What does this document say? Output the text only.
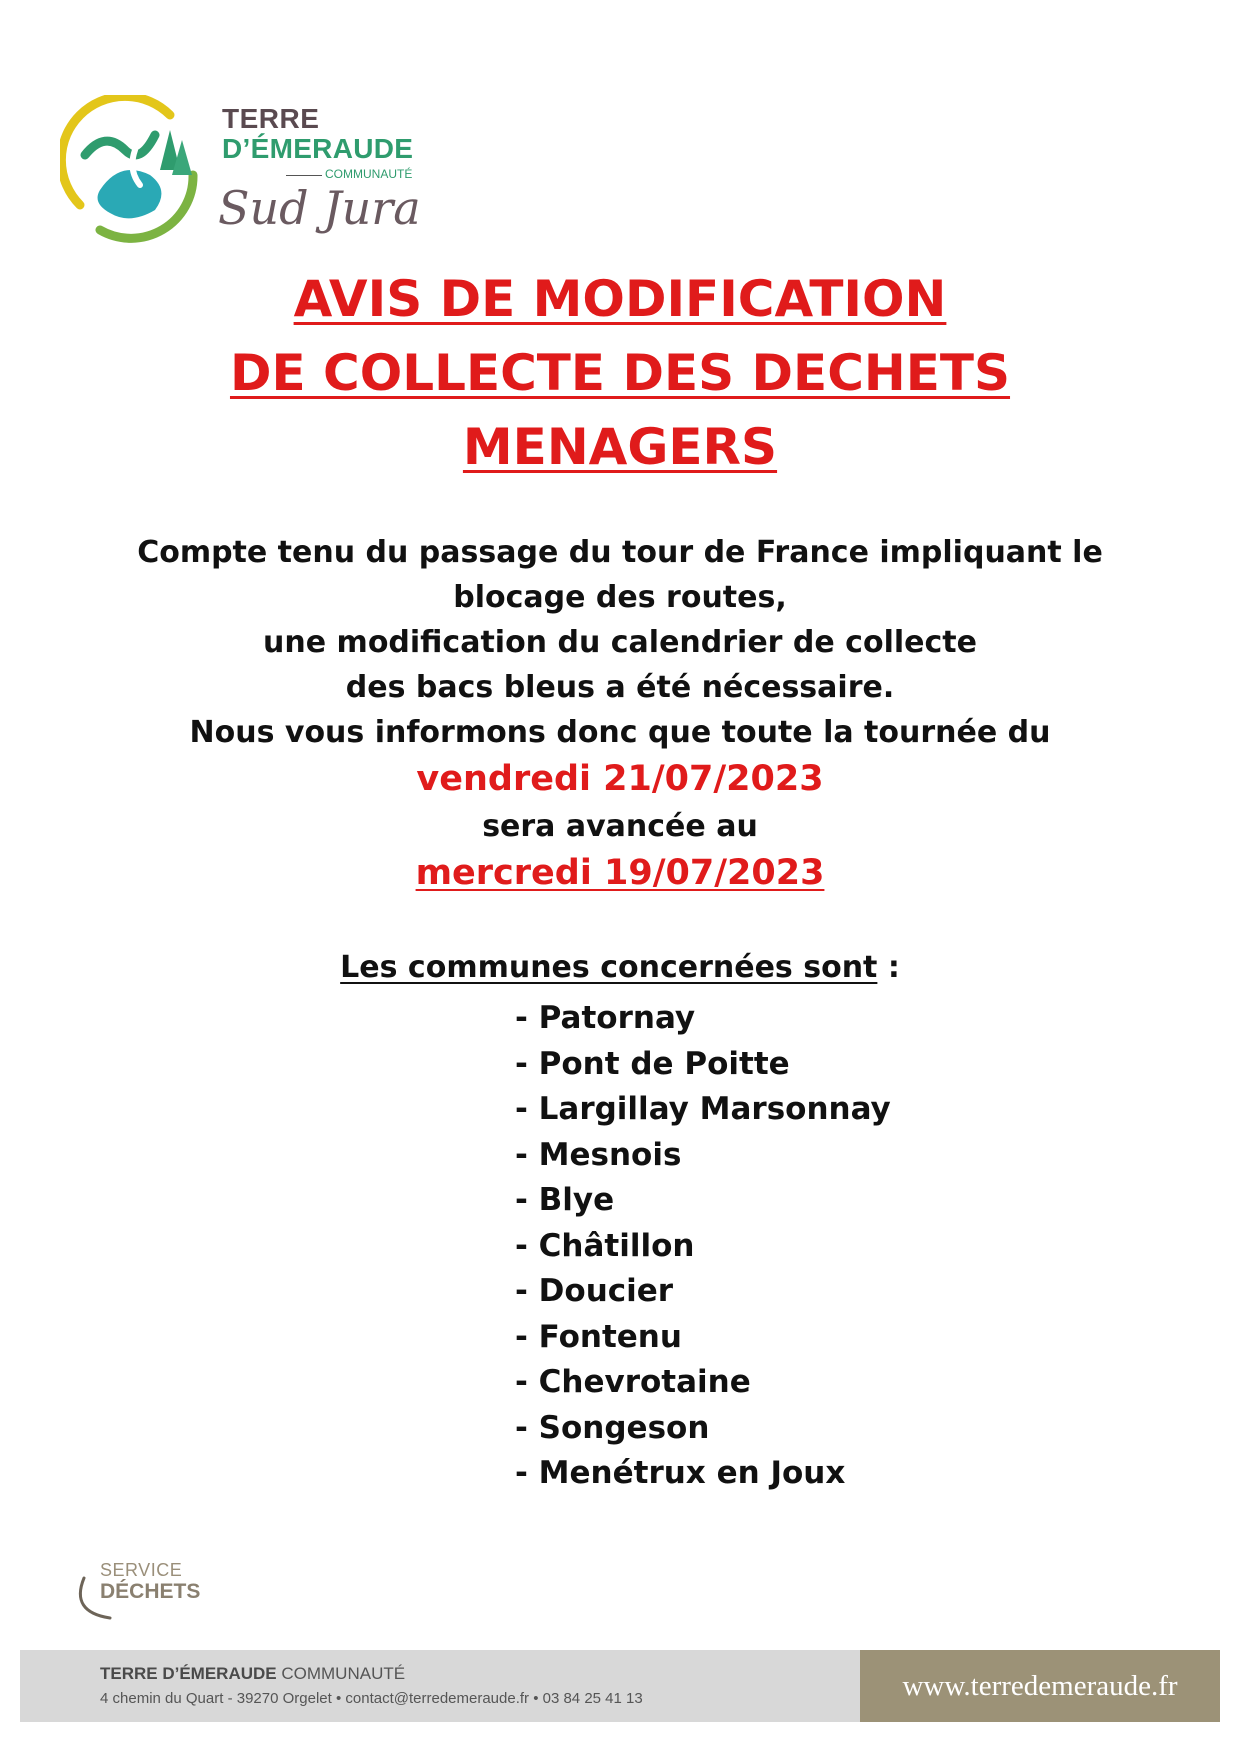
TERRE
D’ÉMERAUDE
COMMUNAUTÉ
Sud Jura
AVIS DE MODIFICATION
DE COLLECTE DES DECHETS
MENAGERS
Compte tenu du passage du tour de France impliquant le
blocage des routes,
une modification du calendrier de collecte
des bacs bleus a été nécessaire.
Nous vous informons donc que toute la tournée du
vendredi 21/07/2023
sera avancée au
mercredi 19/07/2023
Les communes concernées sont :
- Patornay
- Pont de Poitte
- Largillay Marsonnay
- Mesnois
- Blye
- Châtillon
- Doucier
- Fontenu
- Chevrotaine
- Songeson
- Menétrux en Joux
SERVICE
DÉCHETS
TERRE D’ÉMERAUDE COMMUNAUTÉ
4 chemin du Quart - 39270 Orgelet • contact@terredemeraude.fr • 03 84 25 41 13	www.terredemeraude.fr
